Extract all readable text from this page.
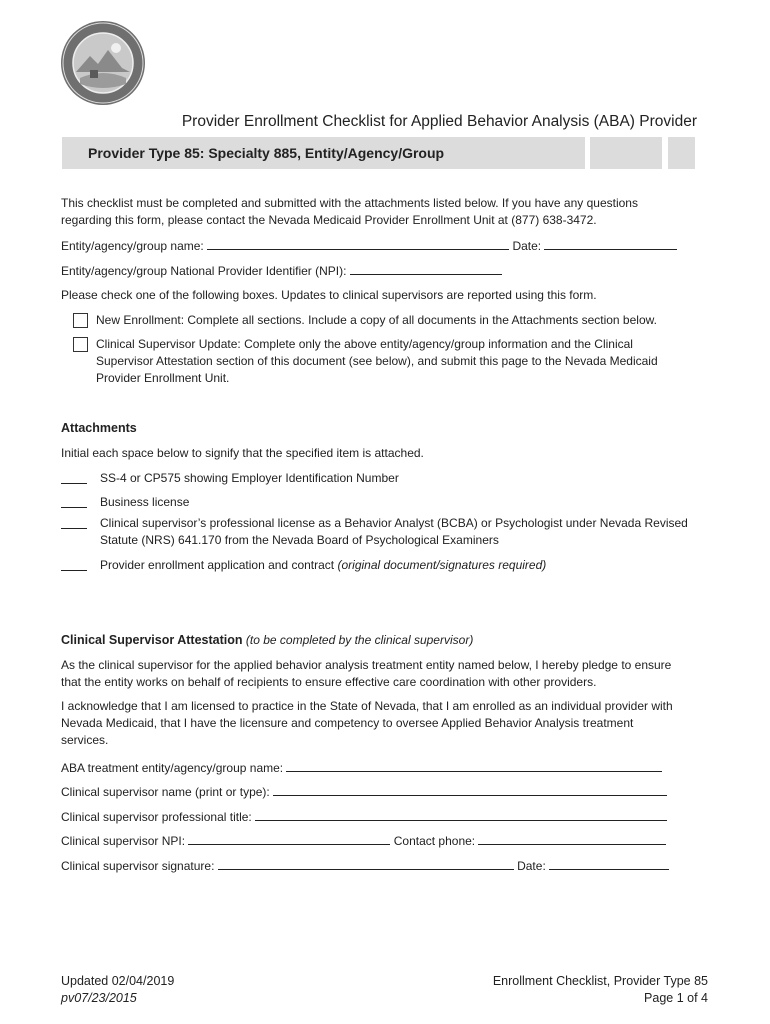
Provider Enrollment Checklist for Applied Behavior Analysis (ABA) Provider
Provider Type 85: Specialty 885, Entity/Agency/Group
This checklist must be completed and submitted with the attachments listed below. If you have any questions
regarding this form, please contact the Nevada Medicaid Provider Enrollment Unit at (877) 638-3472.
Entity/agency/group name:	Date:
Entity/agency/group National Provider Identifier (NPI):
Please check one of the following boxes. Updates to clinical supervisors are reported using this form.
New Enrollment: Complete all sections. Include a copy of all documents in the Attachments section below.
Clinical Supervisor Update: Complete only the above entity/agency/group information and the Clinical
Supervisor Attestation section of this document (see below), and submit this page to the Nevada Medicaid
Provider Enrollment Unit.
Attachments
Initial each space below to signify that the specified item is attached.
SS-4 or CP575 showing Employer Identification Number
Business license
Clinical supervisor’s professional license as a Behavior Analyst (BCBA) or Psychologist under Nevada Revised
Statute (NRS) 641.170 from the Nevada Board of Psychological Examiners
Provider enrollment application and contract (original document/signatures required)
Clinical Supervisor Attestation (to be completed by the clinical supervisor)
As the clinical supervisor for the applied behavior analysis treatment entity named below, I hereby pledge to ensure
that the entity works on behalf of recipients to ensure effective care coordination with other providers.
I acknowledge that I am licensed to practice in the State of Nevada, that I am enrolled as an individual provider with
Nevada Medicaid, that I have the licensure and competency to oversee Applied Behavior Analysis treatment
services.
ABA treatment entity/agency/group name:
Clinical supervisor name (print or type):
Clinical supervisor professional title:
Clinical supervisor NPI:	Contact phone:
Clinical supervisor signature:	Date:
Updated 02/04/2019
pv07/23/2015
Enrollment Checklist, Provider Type 85
Page 1 of 4
